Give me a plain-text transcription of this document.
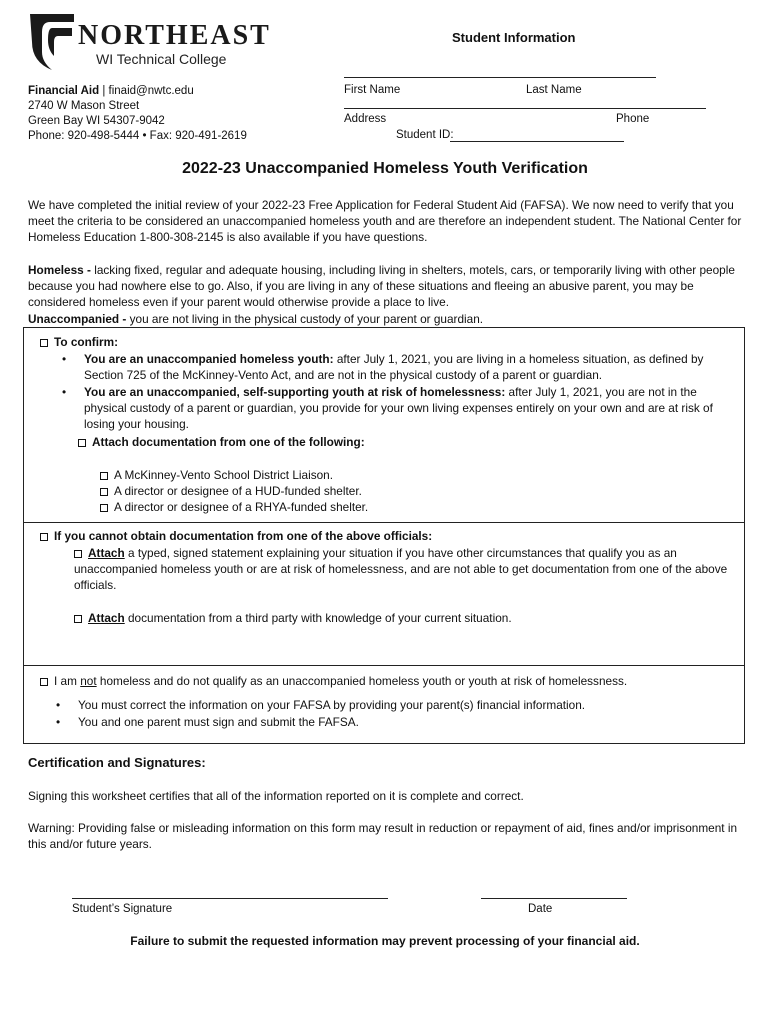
NORTHEAST
WI Technical College
Financial Aid | finaid@nwtc.edu
2740 W Mason Street
Green Bay WI 54307-9042
Phone: 920-498-5444 • Fax: 920-491-2619
Student Information
First Name	Last Name
Address	Phone
Student ID:
2022-23 Unaccompanied Homeless Youth Verification
We have completed the initial review of your 2022-23 Free Application for Federal Student Aid (FAFSA). We now need to verify that you meet the criteria to be considered an unaccompanied homeless youth and are therefore an independent student. The National Center for Homeless Education 1-800-308-2145 is also available if you have questions.
Homeless - lacking fixed, regular and adequate housing, including living in shelters, motels, cars, or temporarily living with other people because you had nowhere else to go. Also, if you are living in any of these situations and fleeing an abusive parent, you may be considered homeless even if your parent would otherwise provide a place to live.
Unaccompanied - you are not living in the physical custody of your parent or guardian.
To confirm:
• You are an unaccompanied homeless youth: after July 1, 2021, you are living in a homeless situation, as defined by Section 725 of the McKinney-Vento Act, and are not in the physical custody of a parent or guardian.
• You are an unaccompanied, self-supporting youth at risk of homelessness: after July 1, 2021, you are not in the physical custody of a parent or guardian, you provide for your own living expenses entirely on your own and are at risk of losing your housing.
Attach documentation from one of the following:
A McKinney-Vento School District Liaison.
A director or designee of a HUD-funded shelter.
A director or designee of a RHYA-funded shelter.
If you cannot obtain documentation from one of the above officials:
Attach a typed, signed statement explaining your situation if you have other circumstances that qualify you as an unaccompanied homeless youth or are at risk of homelessness, and are not able to get documentation from one of the above officials.
Attach documentation from a third party with knowledge of your current situation.
I am not homeless and do not qualify as an unaccompanied homeless youth or youth at risk of homelessness.
• You must correct the information on your FAFSA by providing your parent(s) financial information.
• You and one parent must sign and submit the FAFSA.
Certification and Signatures:
Signing this worksheet certifies that all of the information reported on it is complete and correct.
Warning: Providing false or misleading information on this form may result in reduction or repayment of aid, fines and/or imprisonment in this and/or future years.
Student’s Signature	Date
Failure to submit the requested information may prevent processing of your financial aid.
